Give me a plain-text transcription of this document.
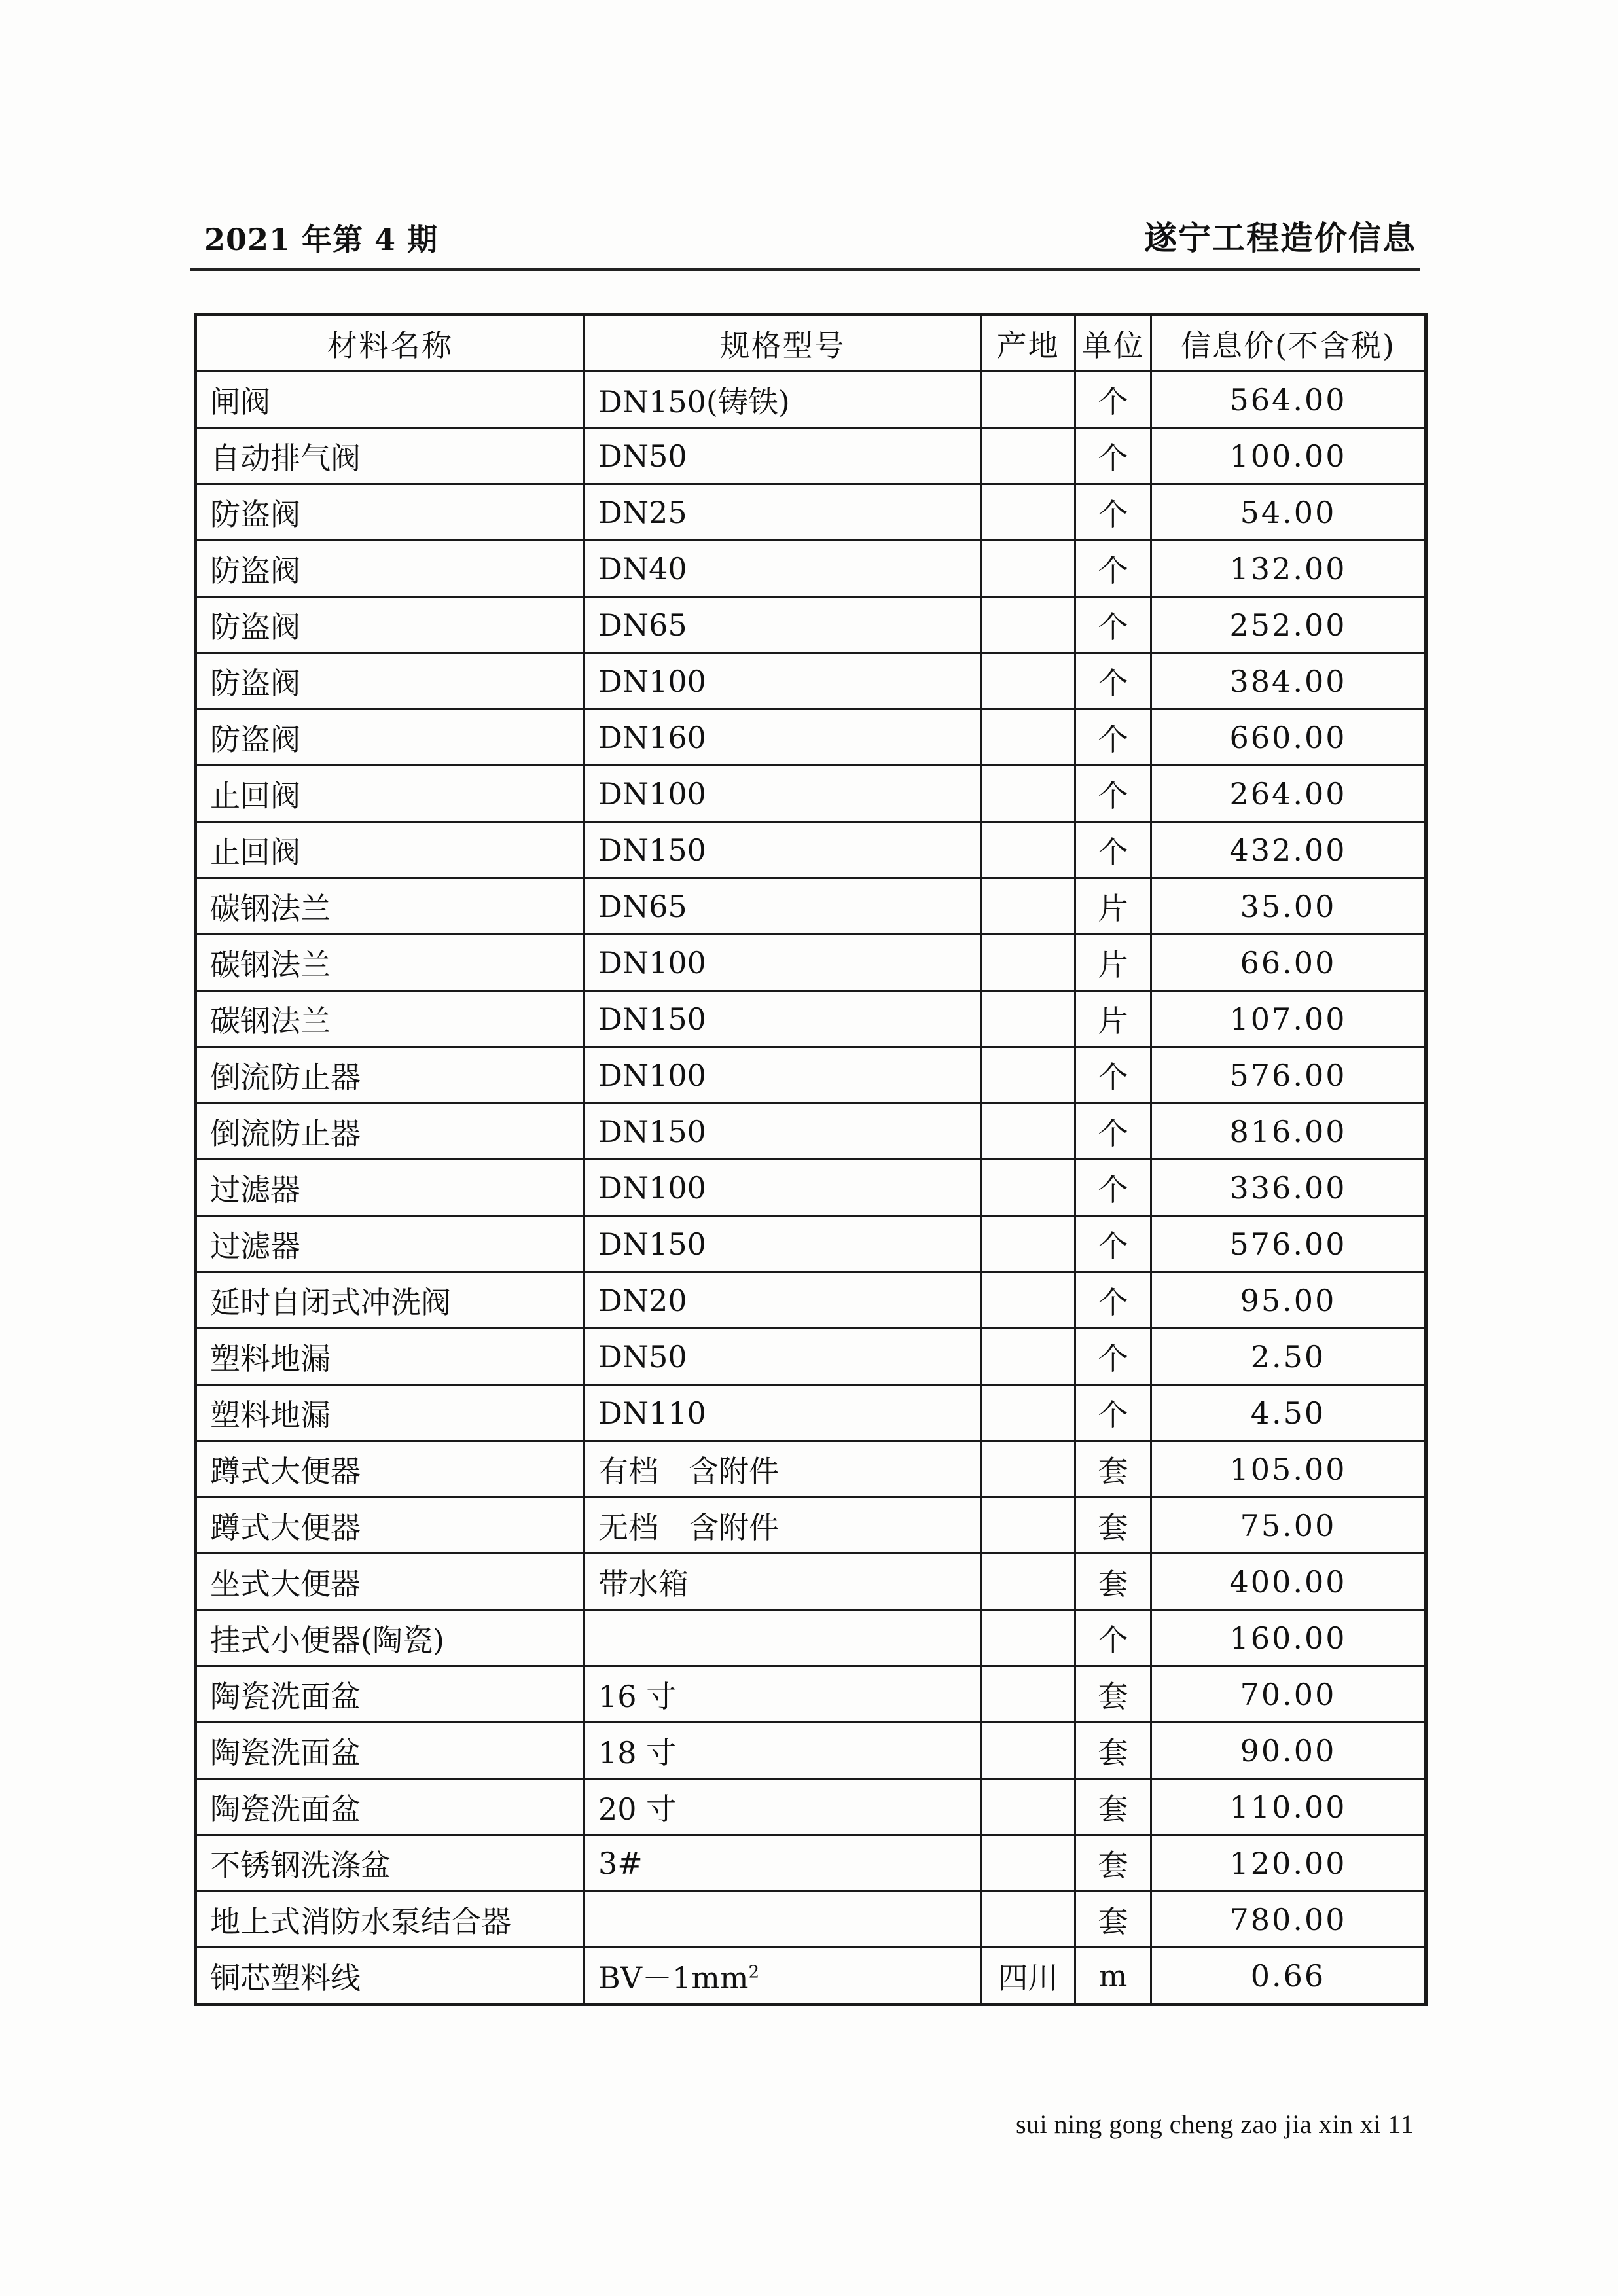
2021 年第 4 期	遂宁工程造价信息
材料名称	规格型号	产地	单位	信息价(不含税)
闸阀	DN150(铸铁)		个	564.00
自动排气阀	DN50		个	100.00
防盗阀	DN25		个	54.00
防盗阀	DN40		个	132.00
防盗阀	DN65		个	252.00
防盗阀	DN100		个	384.00
防盗阀	DN160		个	660.00
止回阀	DN100		个	264.00
止回阀	DN150		个	432.00
碳钢法兰	DN65		片	35.00
碳钢法兰	DN100		片	66.00
碳钢法兰	DN150		片	107.00
倒流防止器	DN100		个	576.00
倒流防止器	DN150		个	816.00
过滤器	DN100		个	336.00
过滤器	DN150		个	576.00
延时自闭式冲洗阀	DN20		个	95.00
塑料地漏	DN50		个	2.50
塑料地漏	DN110		个	4.50
蹲式大便器	有档　含附件		套	105.00
蹲式大便器	无档　含附件		套	75.00
坐式大便器	带水箱		套	400.00
挂式小便器(陶瓷)			个	160.00
陶瓷洗面盆	16 寸		套	70.00
陶瓷洗面盆	18 寸		套	90.00
陶瓷洗面盆	20 寸		套	110.00
不锈钢洗涤盆	3#		套	120.00
地上式消防水泵结合器			套	780.00
铜芯塑料线	$BV-1mm^2$	四川	m	0.66
sui ning gong cheng zao jia xin xi 11
